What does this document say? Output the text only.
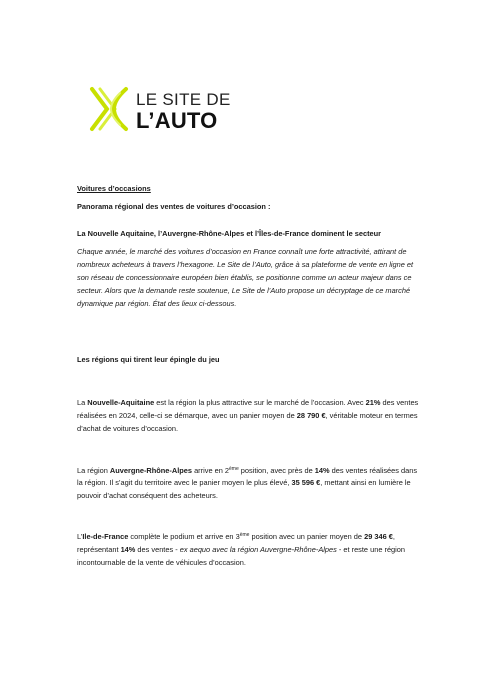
LE SITE DE
L’AUTO

Voitures d’occasions

Panorama régional des ventes de voitures d’occasion :

La Nouvelle Aquitaine, l’Auvergne-Rhône-Alpes et l’Îles-de-France dominent le secteur

Chaque année, le marché des voitures d’occasion en France connaît une forte attractivité, attirant de nombreux acheteurs à travers l’hexagone. Le Site de l’Auto, grâce à sa plateforme de vente en ligne et son réseau de concessionnaire européen bien établis, se positionne comme un acteur majeur dans ce secteur. Alors que la demande reste soutenue, Le Site de l’Auto propose un décryptage de ce marché dynamique par région. État des lieux ci-dessous.

Les régions qui tirent leur épingle du jeu

La Nouvelle-Aquitaine est la région la plus attractive sur le marché de l’occasion. Avec 21% des ventes réalisées en 2024, celle-ci se démarque, avec un panier moyen de 28 790 €, véritable moteur en termes d’achat de voitures d’occasion.

La région Auvergne-Rhône-Alpes arrive en 2ème position, avec près de 14% des ventes réalisées dans la région. Il s’agit du territoire avec le panier moyen le plus élevé, 35 596 €, mettant ainsi en lumière le pouvoir d’achat conséquent des acheteurs.

L’Ile-de-France complète le podium et arrive en 3ème position avec un panier moyen de 29 346 €, représentant 14% des ventes - ex aequo avec la région Auvergne-Rhône-Alpes - et reste une région incontournable de la vente de véhicules d’occasion.
